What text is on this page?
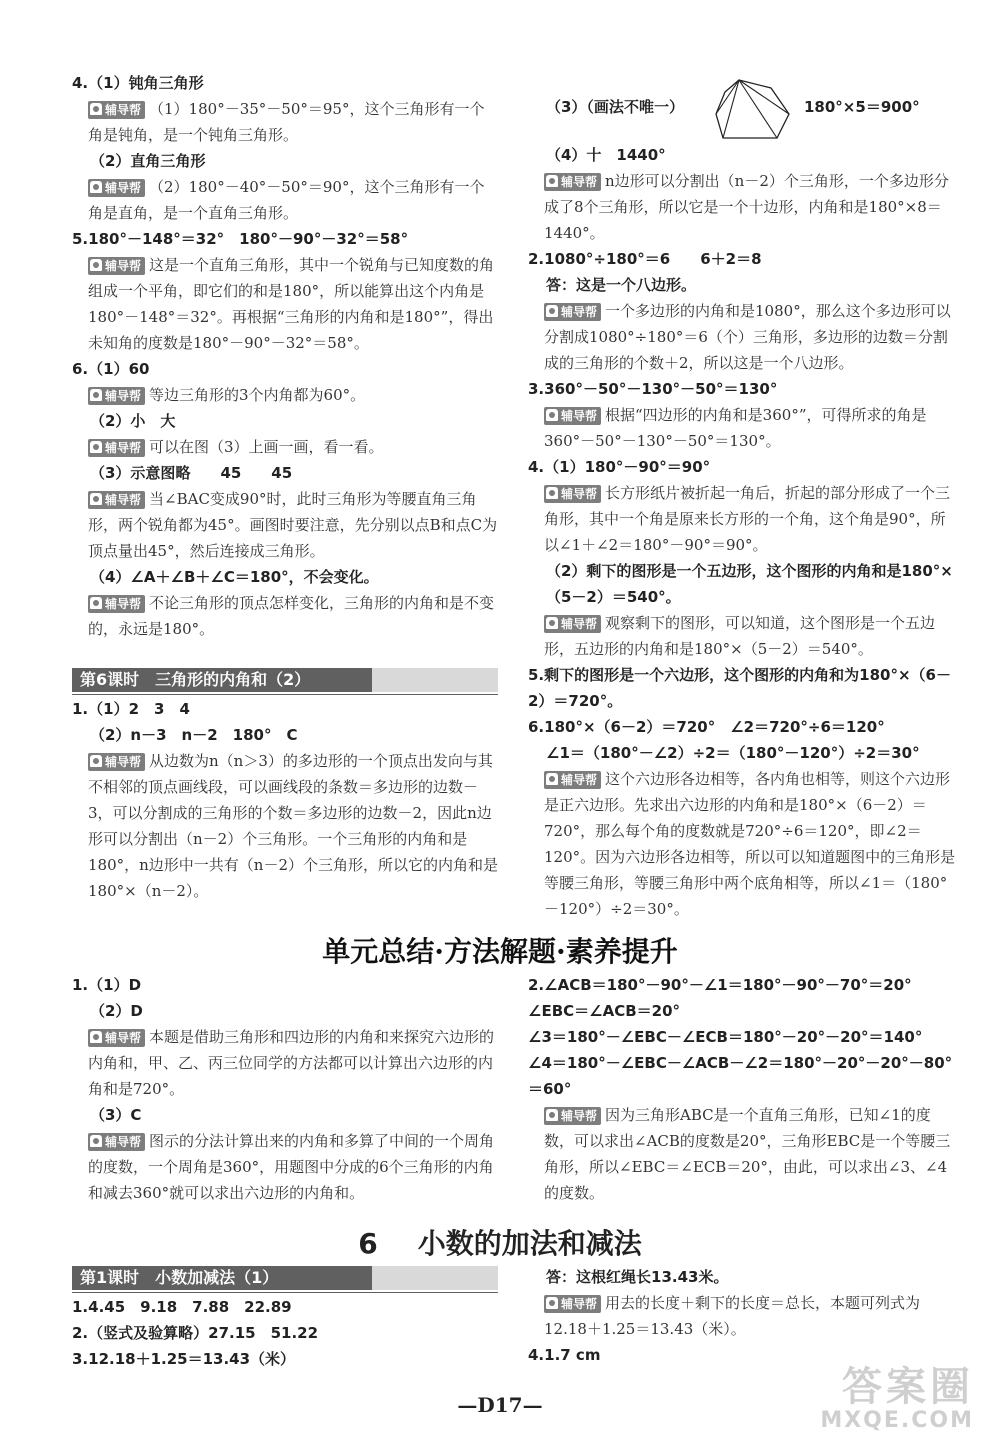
4.（1）钝角三角形
辅导帮 （1）180°－35°－50°＝95°，这个三角形有一个角是钝角，是一个钝角三角形。
（2）直角三角形
辅导帮 （2）180°－40°－50°＝90°，这个三角形有一个角是直角，是一个直角三角形。
5.180°－148°＝32°　180°－90°－32°＝58°
辅导帮 这是一个直角三角形，其中一个锐角与已知度数的角组成一个平角，即它们的和是180°，所以能算出这个内角是180°－148°＝32°。再根据“三角形的内角和是180°”，得出未知角的度数是180°－90°－32°＝58°。
6.（1）60
辅导帮 等边三角形的3个内角都为60°。
（2）小　大
辅导帮 可以在图（3）上画一画，看一看。
（3）示意图略　　45　　45
辅导帮 当∠BAC变成90°时，此时三角形为等腰直角三角形，两个锐角都为45°。画图时要注意，先分别以点B和点C为顶点量出45°，然后连接成三角形。
（4）∠A＋∠B＋∠C＝180°，不会变化。
辅导帮 不论三角形的顶点怎样变化，三角形的内角和是不变的，永远是180°。
第6课时　三角形的内角和（2）
1.（1）2　3　4
（2）n－3　n－2　180°　C
辅导帮 从边数为n（n＞3）的多边形的一个顶点出发向与其不相邻的顶点画线段，可以画线段的条数＝多边形的边数－3，可以分割成的三角形的个数＝多边形的边数－2，因此n边形可以分割出（n－2）个三角形。一个三角形的内角和是180°，n边形中一共有（n－2）个三角形，所以它的内角和是180°×（n－2）。
（3）（画法不唯一）	180°×5＝900°
（4）十　1440°
辅导帮 n边形可以分割出（n－2）个三角形，一个多边形分成了8个三角形，所以它是一个十边形，内角和是180°×8＝1440°。
2.1080°÷180°＝6　　6＋2＝8
答：这是一个八边形。
辅导帮 一个多边形的内角和是1080°，那么这个多边形可以分割成1080°÷180°＝6（个）三角形，多边形的边数＝分割成的三角形的个数＋2，所以这是一个八边形。
3.360°－50°－130°－50°＝130°
辅导帮 根据“四边形的内角和是360°”，可得所求的角是360°－50°－130°－50°＝130°。
4.（1）180°－90°＝90°
辅导帮 长方形纸片被折起一角后，折起的部分形成了一个三角形，其中一个角是原来长方形的一个角，这个角是90°，所以∠1＋∠2＝180°－90°＝90°。
（2）剩下的图形是一个五边形，这个图形的内角和是180°×（5－2）＝540°。
辅导帮 观察剩下的图形，可以知道，这个图形是一个五边形，五边形的内角和是180°×（5－2）＝540°。
5.剩下的图形是一个六边形，这个图形的内角和为180°×（6－2）＝720°。
6.180°×（6－2）＝720°　∠2＝720°÷6＝120°
∠1＝（180°－∠2）÷2＝（180°－120°）÷2＝30°
辅导帮 这个六边形各边相等，各内角也相等，则这个六边形是正六边形。先求出六边形的内角和是180°×（6－2）＝720°，那么每个角的度数就是720°÷6＝120°，即∠2＝120°。因为六边形各边相等，所以可以知道题图中的三角形是等腰三角形，等腰三角形中两个底角相等，所以∠1＝（180°－120°）÷2＝30°。
单元总结·方法解题·素养提升
1.（1）D
（2）D
辅导帮 本题是借助三角形和四边形的内角和来探究六边形的内角和，甲、乙、丙三位同学的方法都可以计算出六边形的内角和是720°。
（3）C
辅导帮 图示的分法计算出来的内角和多算了中间的一个周角的度数，一个周角是360°，用题图中分成的6个三角形的内角和减去360°就可以求出六边形的内角和。
2.∠ACB＝180°－90°－∠1＝180°－90°－70°＝20°
∠EBC＝∠ACB＝20°
∠3＝180°－∠EBC－∠ECB＝180°－20°－20°＝140°
∠4＝180°－∠EBC－∠ACB－∠2＝180°－20°－20°－80°＝60°
辅导帮 因为三角形ABC是一个直角三角形，已知∠1的度数，可以求出∠ACB的度数是20°，三角形EBC是一个等腰三角形，所以∠EBC＝∠ECB＝20°，由此，可以求出∠3、∠4的度数。
6 小数的加法和减法
第1课时　小数加减法（1）
1.4.45　9.18　7.88　22.89
2.（竖式及验算略）27.15　51.22
3.12.18＋1.25＝13.43（米）
答：这根红绳长13.43米。
辅导帮 用去的长度＋剩下的长度＝总长，本题可列式为12.18＋1.25＝13.43（米）。
4.1.7 cm
—D17—	答案圈
MXQE.COM
